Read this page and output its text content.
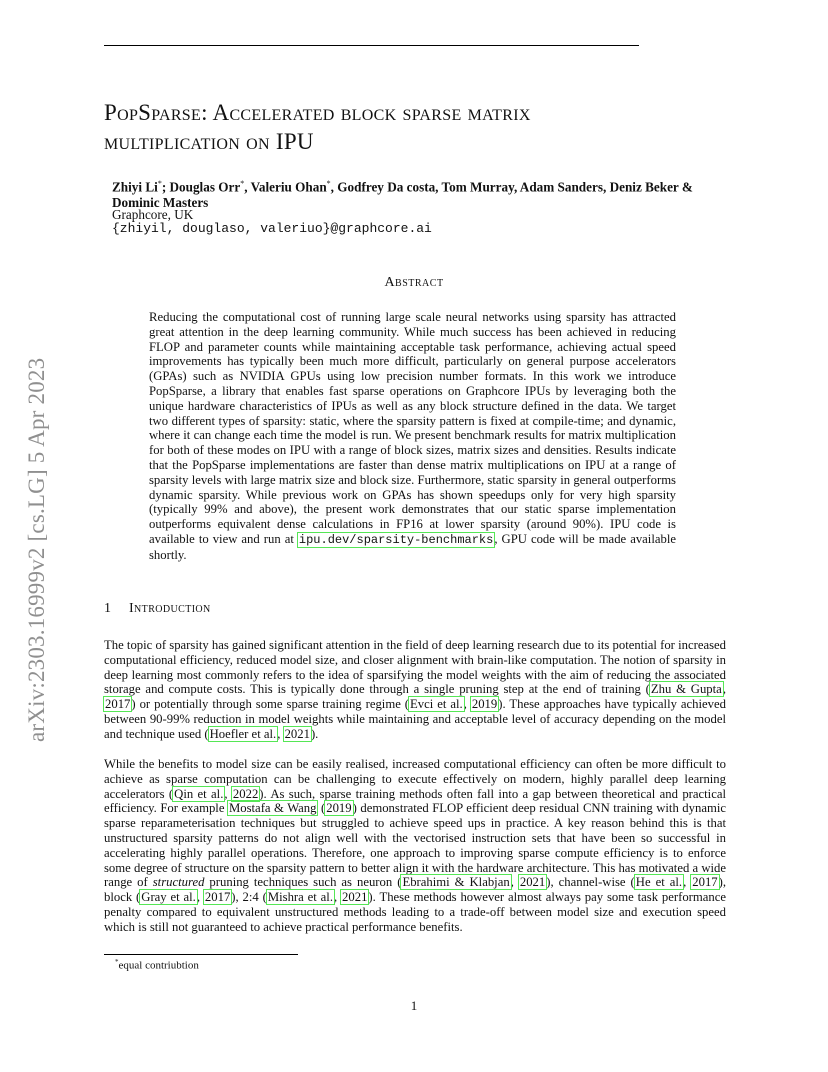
arXiv:2303.16999v2 [cs.LG] 5 Apr 2023
PopSparse: Accelerated block sparse matrix
multiplication on IPU
Zhiyi Li*; Douglas Orr*, Valeriu Ohan*, Godfrey Da costa, Tom Murray, Adam Sanders, Deniz Beker &
Dominic Masters
Graphcore, UK
{zhiyil, douglaso, valeriuo}@graphcore.ai
Abstract
Reducing the computational cost of running large scale neural networks using sparsity has attracted great attention in the deep learning community. While much success has been achieved in reducing FLOP and parameter counts while maintaining acceptable task performance, achieving actual speed improvements has typically been much more difficult, particularly on general purpose accelerators (GPAs) such as NVIDIA GPUs using low precision number formats. In this work we introduce PopSparse, a library that enables fast sparse operations on Graphcore IPUs by leveraging both the unique hardware characteristics of IPUs as well as any block structure defined in the data. We target two different types of sparsity: static, where the sparsity pattern is fixed at compile-time; and dynamic, where it can change each time the model is run. We present benchmark results for matrix multiplication for both of these modes on IPU with a range of block sizes, matrix sizes and densities. Results indicate that the PopSparse implementations are faster than dense matrix multiplications on IPU at a range of sparsity levels with large matrix size and block size. Furthermore, static sparsity in general outperforms dynamic sparsity. While previous work on GPAs has shown speedups only for very high sparsity (typically 99% and above), the present work demonstrates that our static sparse implementation outperforms equivalent dense calculations in FP16 at lower sparsity (around 90%). IPU code is available to view and run at ipu.dev/sparsity-benchmarks, GPU code will be made available shortly.
1 Introduction
The topic of sparsity has gained significant attention in the field of deep learning research due to its potential for increased computational efficiency, reduced model size, and closer alignment with brain-like computation. The notion of sparsity in deep learning most commonly refers to the idea of sparsifying the model weights with the aim of reducing the associated storage and compute costs. This is typically done through a single pruning step at the end of training (Zhu & Gupta, 2017) or potentially through some sparse training regime (Evci et al., 2019). These approaches have typically achieved between 90-99% reduction in model weights while maintaining and acceptable level of accuracy depending on the model and technique used (Hoefler et al., 2021).
While the benefits to model size can be easily realised, increased computational efficiency can often be more difficult to achieve as sparse computation can be challenging to execute effectively on modern, highly parallel deep learning accelerators (Qin et al., 2022). As such, sparse training methods often fall into a gap between theoretical and practical efficiency. For example Mostafa & Wang (2019) demonstrated FLOP efficient deep residual CNN training with dynamic sparse reparameterisation techniques but struggled to achieve speed ups in practice. A key reason behind this is that unstructured sparsity patterns do not align well with the vectorised instruction sets that have been so successful in accelerating highly parallel operations. Therefore, one approach to improving sparse compute efficiency is to enforce some degree of structure on the sparsity pattern to better align it with the hardware architecture. This has motivated a wide range of structured pruning techniques such as neuron (Ebrahimi & Klabjan, 2021), channel-wise (He et al., 2017), block (Gray et al., 2017), 2:4 (Mishra et al., 2021). These methods however almost always pay some task performance penalty compared to equivalent unstructured methods leading to a trade-off between model size and execution speed which is still not guaranteed to achieve practical performance benefits.
*equal contriubtion
1
